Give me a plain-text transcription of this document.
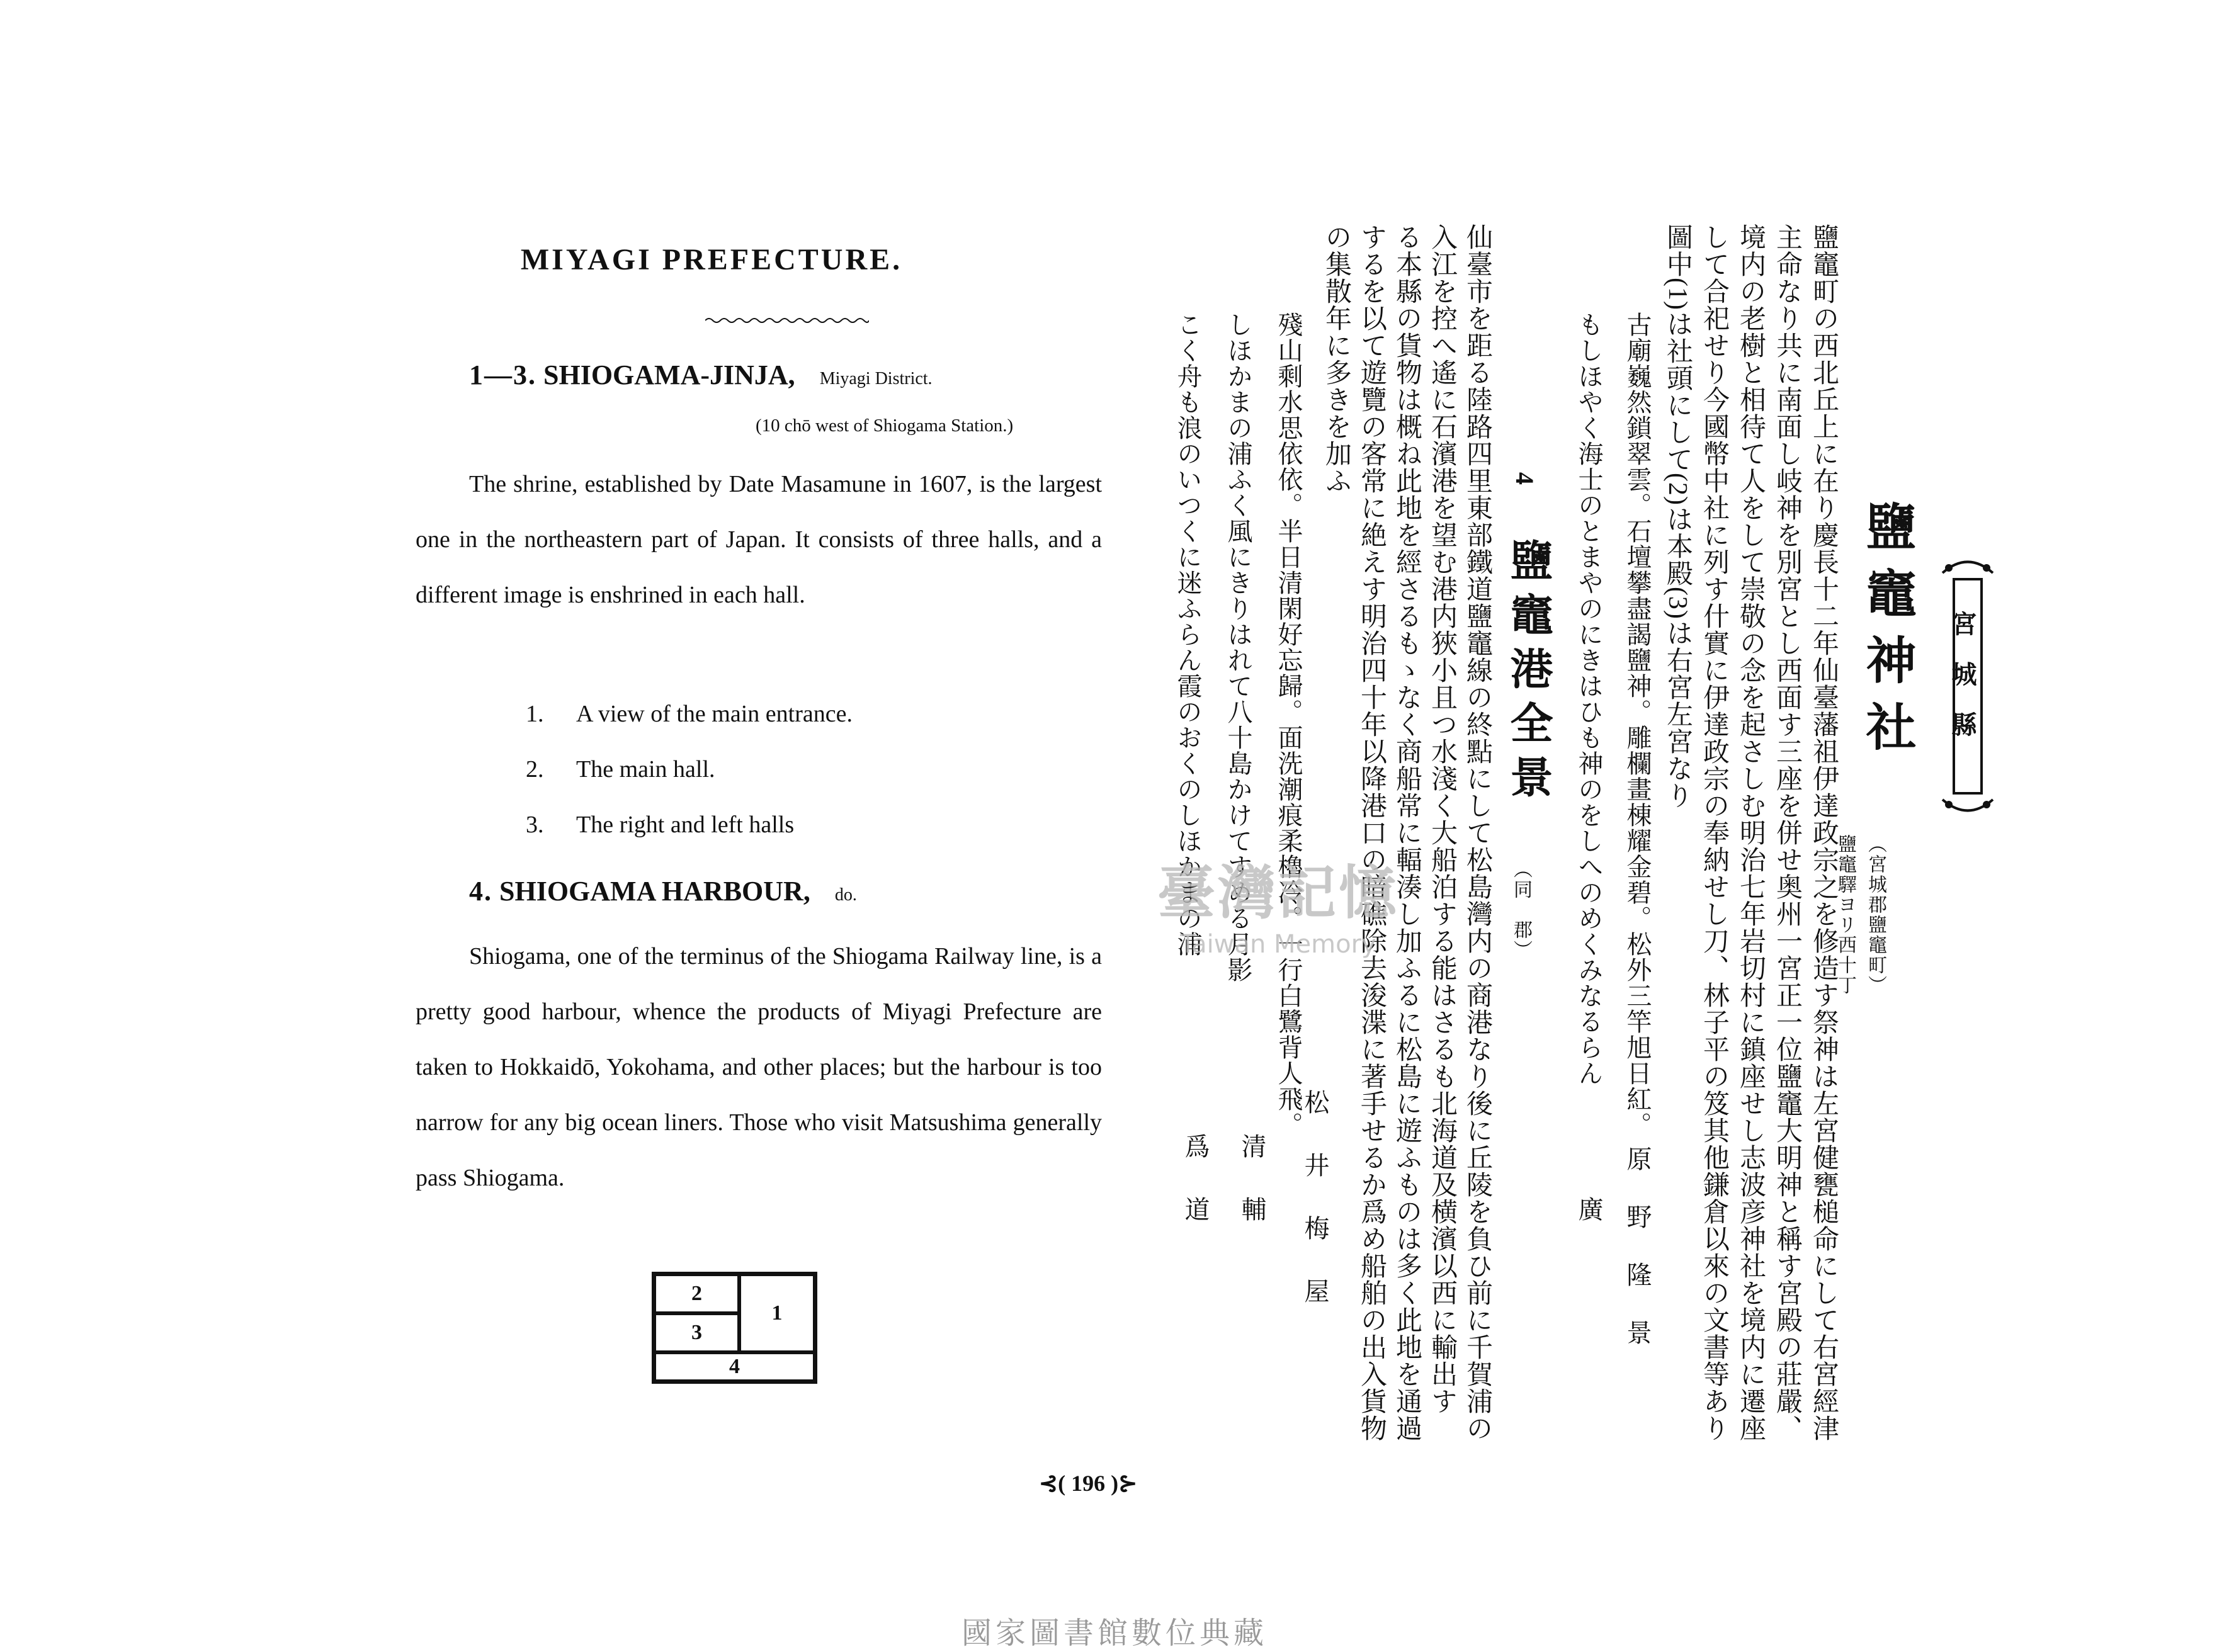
MIYAGI PREFECTURE.
1—3. SHIOGAMA-JINJA, Miyagi District.
(10 chō west of Shiogama Station.)
The shrine, established by Date Masamune in 1607, is the largest one in the northeastern part of Japan. It consists of three halls, and a different image is enshrined in each hall.
1. A view of the main entrance.
2. The main hall.
3. The right and left halls
4. SHIOGAMA HARBOUR, do.
Shiogama, one of the terminus of the Shiogama Railway line, is a pretty good harbour, whence the products of Miyagi Prefecture are taken to Hokkaidō, Yokohama, and other places; but the harbour is too narrow for any big ocean liners. Those who visit Matsushima generally pass Shiogama.
2
3
1
4
⊰( 196 )⊱
宮城縣
鹽竈神社
（宮城郡鹽竈町）
鹽竈驛ヨリ西十丁
鹽竈町の西北丘上に在り慶長十二年仙臺藩祖伊達政宗之を修造す祭神は左宮健甕槌命にして右宮經津
主命なり共に南面し岐神を別宮とし西面す三座を併せ奥州一宮正一位鹽竈大明神と稱す宮殿の莊嚴、
境内の老樹と相待て人をして崇敬の念を起さしむ明治七年岩切村に鎮座せし志波彦神社を境内に遷座
して合祀せり今國幣中社に列す什實に伊達政宗の奉納せし刀、林子平の笈其他鎌倉以來の文書等あり
圖中(1)は社頭にして(2)は本殿(3)は右宮左宮なり
古廟巍然鎖翠雲。石壇攀盡謁鹽神。雕欄畫棟耀金碧。松外三竿旭日紅。
原　野　隆　景
もしほやく海士のとまやのにきはひも神のをしへのめくみなるらん
廣
4
鹽竈港全景
（同　郡）
仙臺市を距る陸路四里東部鐵道鹽竈線の終點にして松島灣内の商港なり後に丘陵を負ひ前に千賀浦の
入江を控へ遙に石濱港を望む港内狹小且つ水淺く大船泊する能はさるも北海道及横濱以西に輸出す
る本縣の貨物は概ね此地を經さるもゝなく商船常に輻湊し加ふるに松島に遊ふものは多く此地を通過
するを以て遊覽の客常に絶えす明治四十年以降港口の暗礁除去浚渫に著手せるか爲め船舶の出入貨物
の集散年に多きを加ふ
殘山剩水思依依。半日清閑好忘歸。面洗潮痕柔櫓冷。一行白鷺背人飛。
松　井　梅　屋
しほかまの浦ふく風にきりはれて八十島かけてすめる月影
清　輔
こく舟も浪のいつくに迷ふらん霞のおくのしほかまの浦
爲　道
臺灣記憶
Taiwan Memory
國家圖書館數位典藏
